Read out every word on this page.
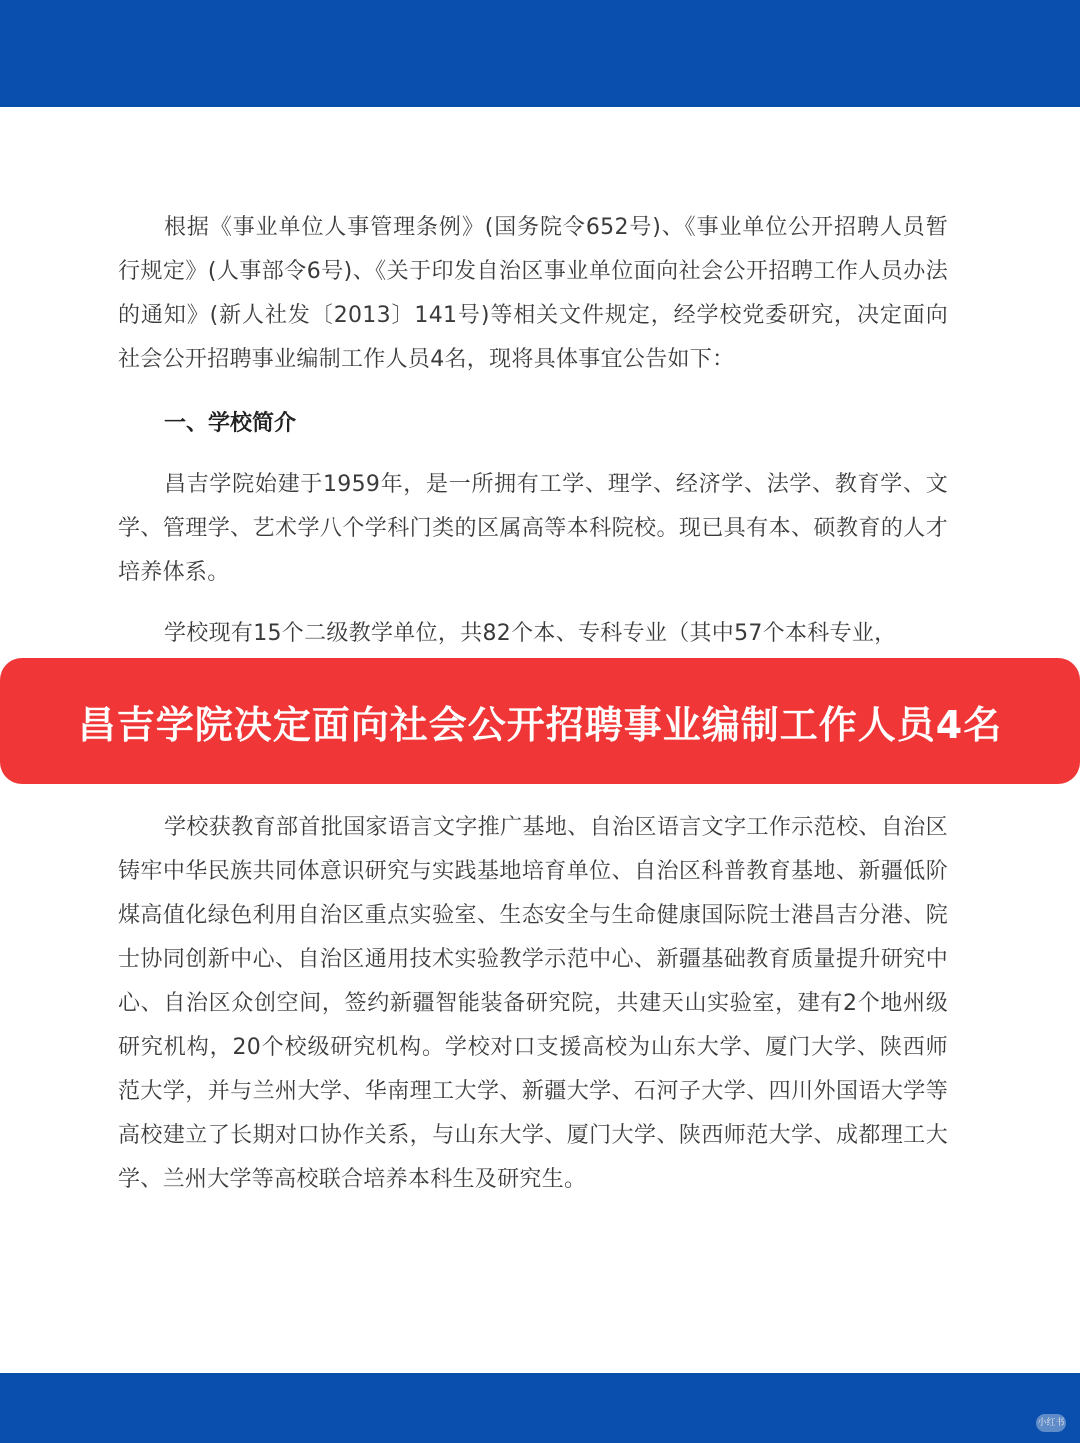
根据《事业单位人事管理条例》(国务院令652号)、《事业单位公开招聘人员暂行规定》(人事部令6号)、《关于印发自治区事业单位面向社会公开招聘工作人员办法的通知》(新人社发〔2013〕141号)等相关文件规定，经学校党委研究，决定面向社会公开招聘事业编制工作人员4名，现将具体事宜公告如下：

一、学校简介

昌吉学院始建于1959年，是一所拥有工学、理学、经济学、法学、教育学、文学、管理学、艺术学八个学科门类的区属高等本科院校。现已具有本、硕教育的人才培养体系。

学校现有15个二级教学单位，共82个本、专科专业（其中57个本科专业，

昌吉学院决定面向社会公开招聘事业编制工作人员4名

学校获教育部首批国家语言文字推广基地、自治区语言文字工作示范校、自治区铸牢中华民族共同体意识研究与实践基地培育单位、自治区科普教育基地、新疆低阶煤高值化绿色利用自治区重点实验室、生态安全与生命健康国际院士港昌吉分港、院士协同创新中心、自治区通用技术实验教学示范中心、新疆基础教育质量提升研究中心、自治区众创空间，签约新疆智能装备研究院，共建天山实验室，建有2个地州级研究机构，20个校级研究机构。学校对口支援高校为山东大学、厦门大学、陕西师范大学，并与兰州大学、华南理工大学、新疆大学、石河子大学、四川外国语大学等高校建立了长期对口协作关系，与山东大学、厦门大学、陕西师范大学、成都理工大学、兰州大学等高校联合培养本科生及研究生。

小红书
